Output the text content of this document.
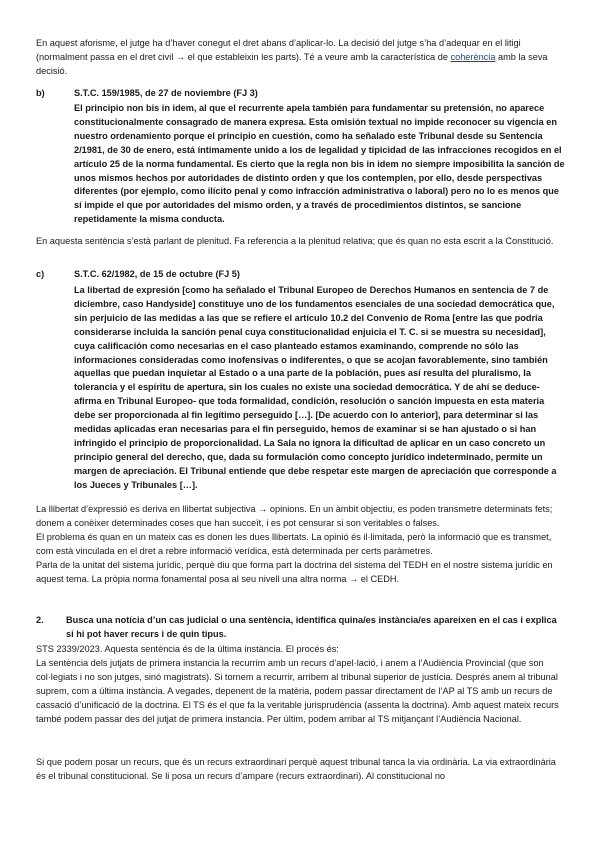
En aquest aforisme, el jutge ha d’haver conegut el dret abans d’aplicar-lo. La decisió del jutge s’ha d’adequar en el litigi (normalment passa en el dret civil → el que estableixin les parts). Té a veure amb la característica de coherència amb la seva decisió.

b)	S.T.C. 159/1985, de 27 de noviembre (FJ 3)

El principio non bis in idem, al que el recurrente apela también para fundamentar su pretensión, no aparece constitucionalmente consagrado de manera expresa. Esta omisión textual no impide reconocer su vigencia en nuestro ordenamiento porque el principio en cuestión, como ha señalado este Tribunal desde su Sentencia 2/1981, de 30 de enero, está íntimamente unido a los de legalidad y tipicidad de las infracciones recogidos en el artículo 25 de la norma fundamental. Es cierto que la regla non bis in idem no siempre imposibilita la sanción de unos mismos hechos por autoridades de distinto orden y que los contemplen, por ello, desde perspectivas diferentes (por ejemplo, como ilícito penal y como infracción administrativa o laboral) pero no lo es menos que sí impide el que por autoridades del mismo orden, y a través de procedimientos distintos, se sancione repetidamente la misma conducta.

En aquesta sentència s’està parlant de plenitud. Fa referencia a la plenitud relativa; que és quan no esta escrit a la Constitució.

c)	S.T.C. 62/1982, de 15 de octubre (FJ 5)

La libertad de expresión [como ha señalado el Tribunal Europeo de Derechos Humanos en sentencia de 7 de diciembre, caso Handyside] constituye uno de los fundamentos esenciales de una sociedad democrática que, sin perjuicio de las medidas a las que se refiere el artículo 10.2 del Convenio de Roma [entre las que podría considerarse incluida la sanción penal cuya constitucionalidad enjuicia el T. C. si se muestra su necesidad], cuya calificación como necesarias en el caso planteado estamos examinando, comprende no sólo las informaciones consideradas como inofensivas o indiferentes, o que se acojan favorablemente, sino también aquellas que puedan inquietar al Estado o a una parte de la población, pues así resulta del pluralismo, la tolerancia y el espíritu de apertura, sin los cuales no existe una sociedad democrática. Y de ahí se deduce- afirma en Tribunal Europeo- que toda formalidad, condición, resolución o sanción impuesta en esta materia debe ser proporcionada al fin legítimo perseguido […]. [De acuerdo con lo anterior], para determinar si las medidas aplicadas eran necesarias para el fin perseguido, hemos de examinar si se han ajustado o si han infringido el principio de proporcionalidad. La Sala no ignora la dificultad de aplicar en un caso concreto un principio general del derecho, que, dada su formulación como concepto jurídico indeterminado, permite un margen de apreciación. El Tribunal entiende que debe respetar este margen de apreciación que corresponde a los Jueces y Tribunales […].

La llibertat d’expressió es deriva en llibertat subjectiva → opinions. En un àmbit objectiu, es poden transmetre determinats fets; donem a conèixer determinades coses que han succeït, i es pot censurar si son veritables o falses.

El problema és quan en un mateix cas es donen les dues llibertats. La opinió és il·limitada, però la informació que es transmet, com està vinculada en el dret a rebre informació verídica, està determinada per certs paràmetres.

Parla de la unitat del sistema jurídic, perquè diu que forma part la doctrina del sistema del TEDH en el nostre sistema jurídic en aquest tema. La pròpia norma fonamental posa al seu nivell una altra norma → el CEDH.

2. Busca una notícia d’un cas judicial o una sentència, identifica quina/es instància/es apareixen en el cas i explica si hi pot haver recurs i de quin tipus.

STS 2339/2023. Aquesta sentència és de la última instància. El procés és:

La sentència dels jutjats de primera instancia la recurrim amb un recurs d’apel·lació, i anem a l’Audiència Provincial (que son col·legiats i no son jutges, sinó magistrats). Si tornem a recurrir, arribem al tribunal superior de justícia. Després anem al tribunal suprem, com a última instància. A vegades, depenent de la matèria, podem passar directament de l’AP al TS amb un recurs de cassació d’unificació de la doctrina. El TS és el que fa la veritable jurisprudència (assenta la doctrina). Amb aquest mateix recurs també podem passar des del jutjat de primera instancia. Per últim, podem arribar al TS mitjançant l’Audiència Nacional.

Si que podem posar un recurs, que és un recurs extraordinari perquè aquest tribunal tanca la via ordinària. La via extraordinària és el tribunal constitucional. Se li posa un recurs d’ampare (recurs extraordinari). Al constitucional no
